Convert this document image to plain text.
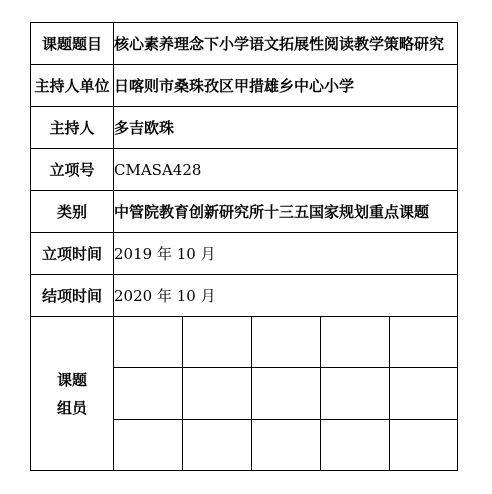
课题题目	核心素养理念下小学语文拓展性阅读教学策略研究				
主持人单位	日喀则市桑珠孜区甲措雄乡中心小学				
主持人	多吉欧珠				
立项号	CMASA428				
类别	中管院教育创新研究所十三五国家规划重点课题				
立项时间	2019 年 10 月				
结项时间	2020 年 10 月				

课题
组员					
